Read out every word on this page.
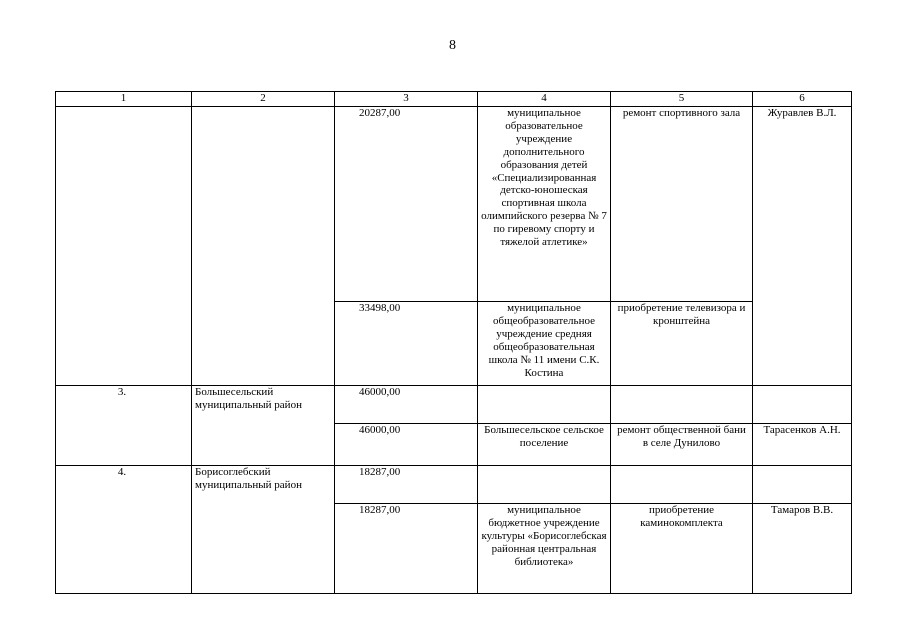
8
1	2	3	4	5	6
		20287,00	муниципальное образовательное учреждение дополнительного образования детей «Специализированная детско-юношеская спортивная школа олимпийского резерва № 7 по гиревому спорту и тяжелой атлетике»	ремонт спортивного зала	Журавлев В.Л.
		33498,00	муниципальное общеобразовательное учреждение средняя общеобразовательная школа № 11 имени С.К. Костина	приобретение телевизора и кронштейна	
3.	Большесельский муниципальный район	46000,00			
		46000,00	Большесельское сельское поселение	ремонт общественной бани в селе Дунилово	Тарасенков А.Н.
4.	Борисоглебский муниципальный район	18287,00			
		18287,00	муниципальное бюджетное учреждение культуры «Борисоглебская районная центральная библиотека»	приобретение каминокомплекта	Тамаров В.В.
